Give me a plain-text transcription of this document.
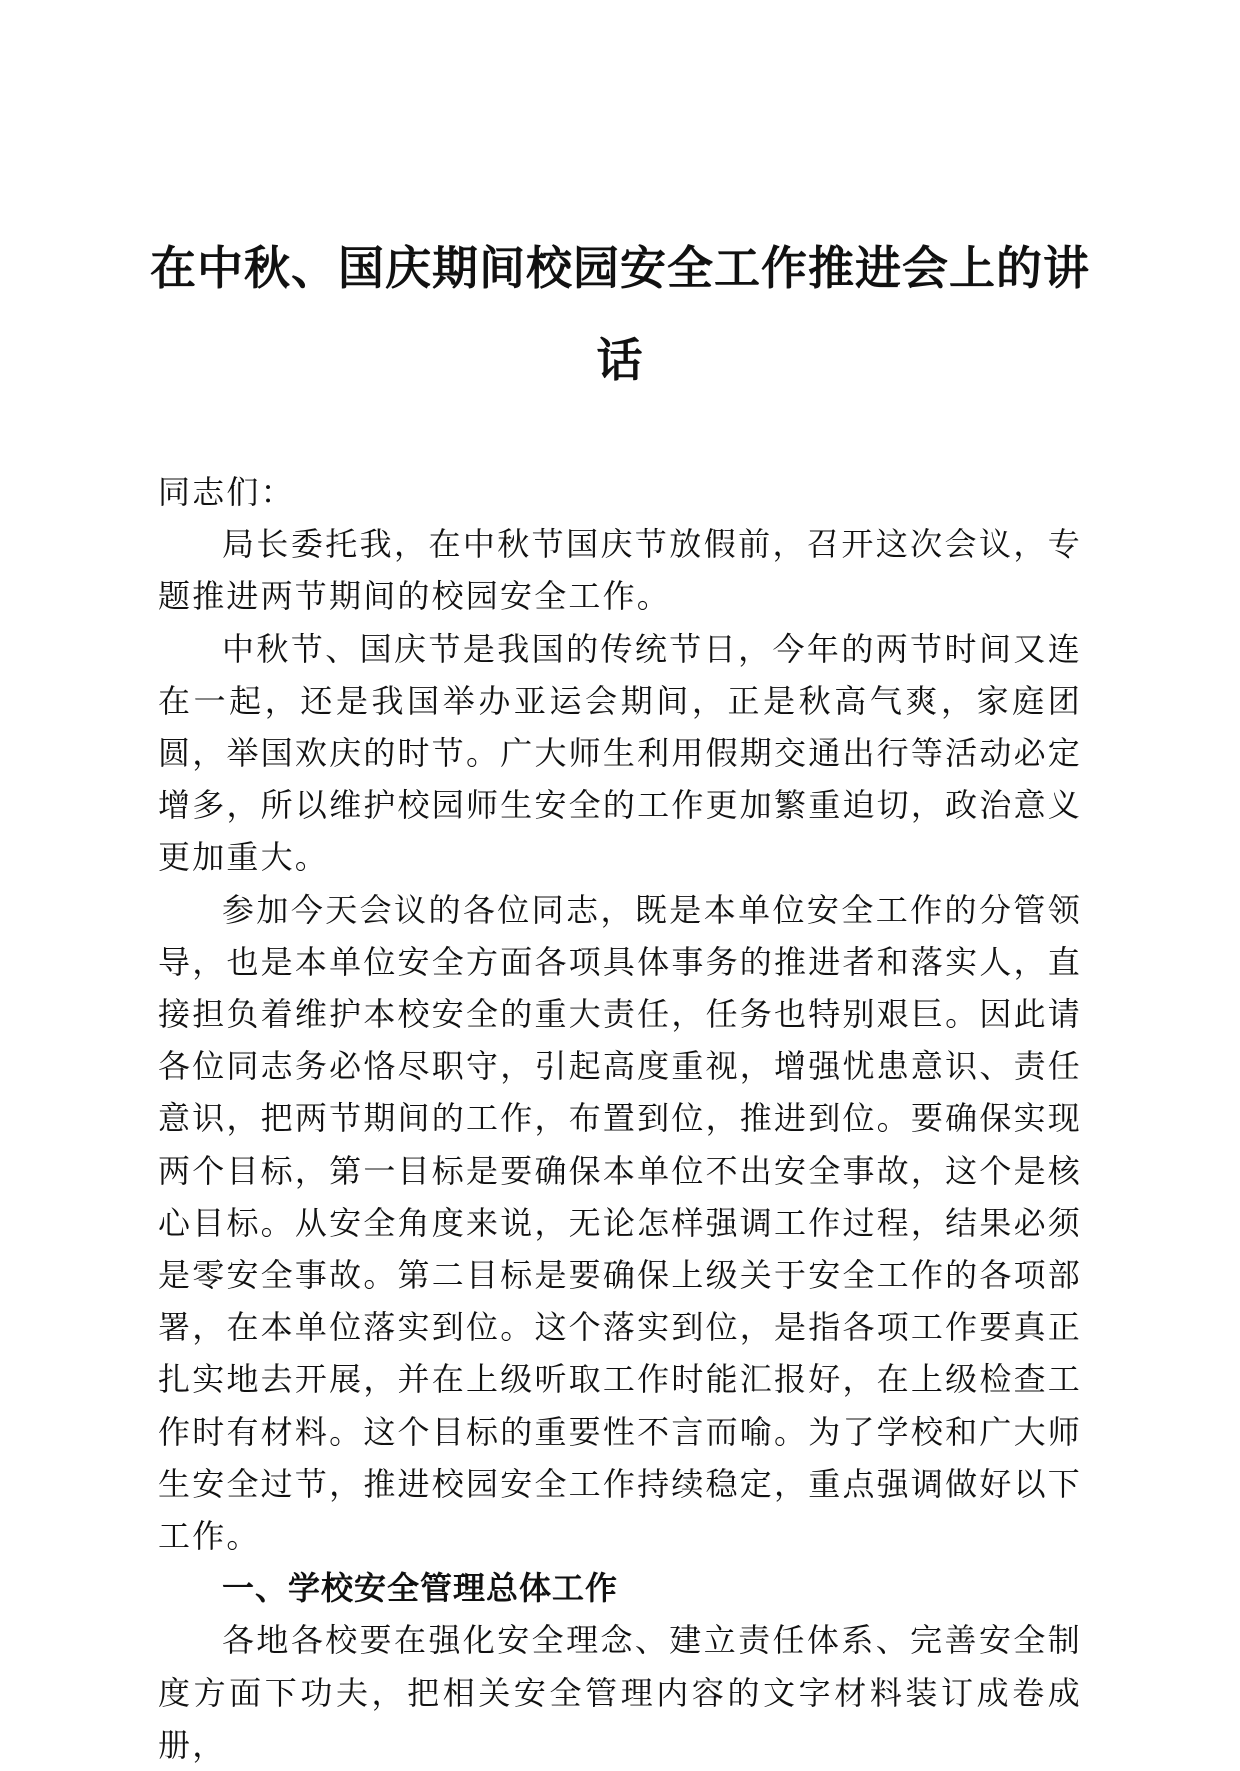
在中秋、国庆期间校园安全工作推进会上的讲话

同志们：

局长委托我，在中秋节国庆节放假前，召开这次会议，专题推进两节期间的校园安全工作。

中秋节、国庆节是我国的传统节日，今年的两节时间又连在一起，还是我国举办亚运会期间，正是秋高气爽，家庭团圆，举国欢庆的时节。广大师生利用假期交通出行等活动必定增多，所以维护校园师生安全的工作更加繁重迫切，政治意义更加重大。

参加今天会议的各位同志，既是本单位安全工作的分管领导，也是本单位安全方面各项具体事务的推进者和落实人，直接担负着维护本校安全的重大责任，任务也特别艰巨。因此请各位同志务必恪尽职守，引起高度重视，增强忧患意识、责任意识，把两节期间的工作，布置到位，推进到位。要确保实现两个目标，第一目标是要确保本单位不出安全事故，这个是核心目标。从安全角度来说，无论怎样强调工作过程，结果必须是零安全事故。第二目标是要确保上级关于安全工作的各项部署，在本单位落实到位。这个落实到位，是指各项工作要真正扎实地去开展，并在上级听取工作时能汇报好，在上级检查工作时有材料。这个目标的重要性不言而喻。为了学校和广大师生安全过节，推进校园安全工作持续稳定，重点强调做好以下工作。

一、学校安全管理总体工作

各地各校要在强化安全理念、建立责任体系、完善安全制度方面下功夫，把相关安全管理内容的文字材料装订成卷成册，
